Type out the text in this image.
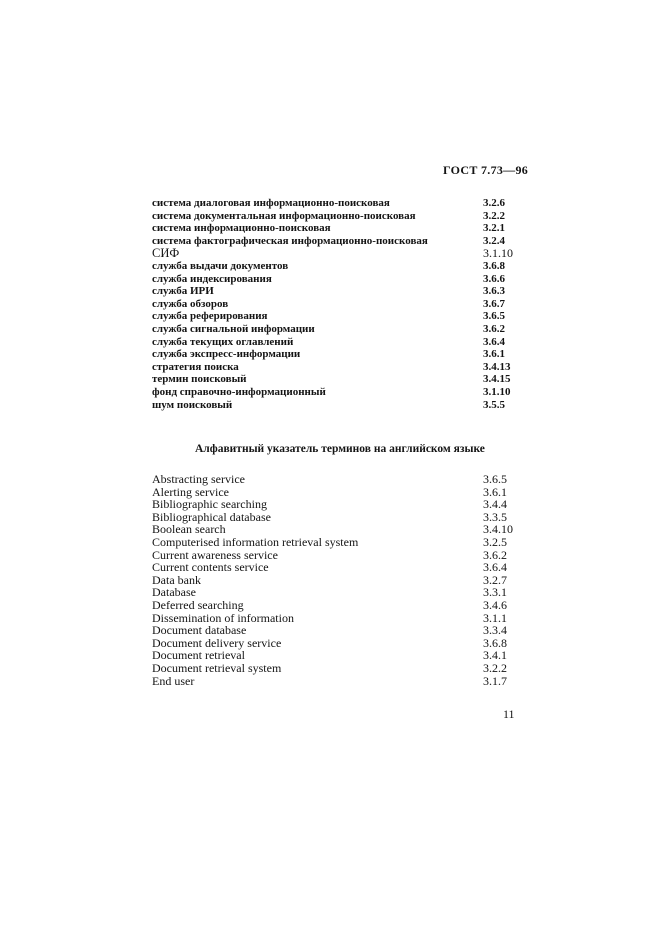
ГОСТ 7.73—96
система диалоговая информационно-поисковая	3.2.6
система документальная информационно-поисковая	3.2.2
система информационно-поисковая	3.2.1
система фактографическая информационно-поисковая	3.2.4
СИФ	3.1.10
служба выдачи документов	3.6.8
служба индексирования	3.6.6
служба ИРИ	3.6.3
служба обзоров	3.6.7
служба реферирования	3.6.5
служба сигнальной информации	3.6.2
служба текущих оглавлений	3.6.4
служба экспресс-информации	3.6.1
стратегия поиска	3.4.13
термин поисковый	3.4.15
фонд справочно-информационный	3.1.10
шум поисковый	3.5.5
Алфавитный указатель терминов на английском языке
Abstracting service	3.6.5
Alerting service	3.6.1
Bibliographic searching	3.4.4
Bibliographical database	3.3.5
Boolean search	3.4.10
Computerised information retrieval system	3.2.5
Current awareness service	3.6.2
Current contents service	3.6.4
Data bank	3.2.7
Database	3.3.1
Deferred searching	3.4.6
Dissemination of information	3.1.1
Document database	3.3.4
Document delivery service	3.6.8
Document retrieval	3.4.1
Document retrieval system	3.2.2
End user	3.1.7
11
